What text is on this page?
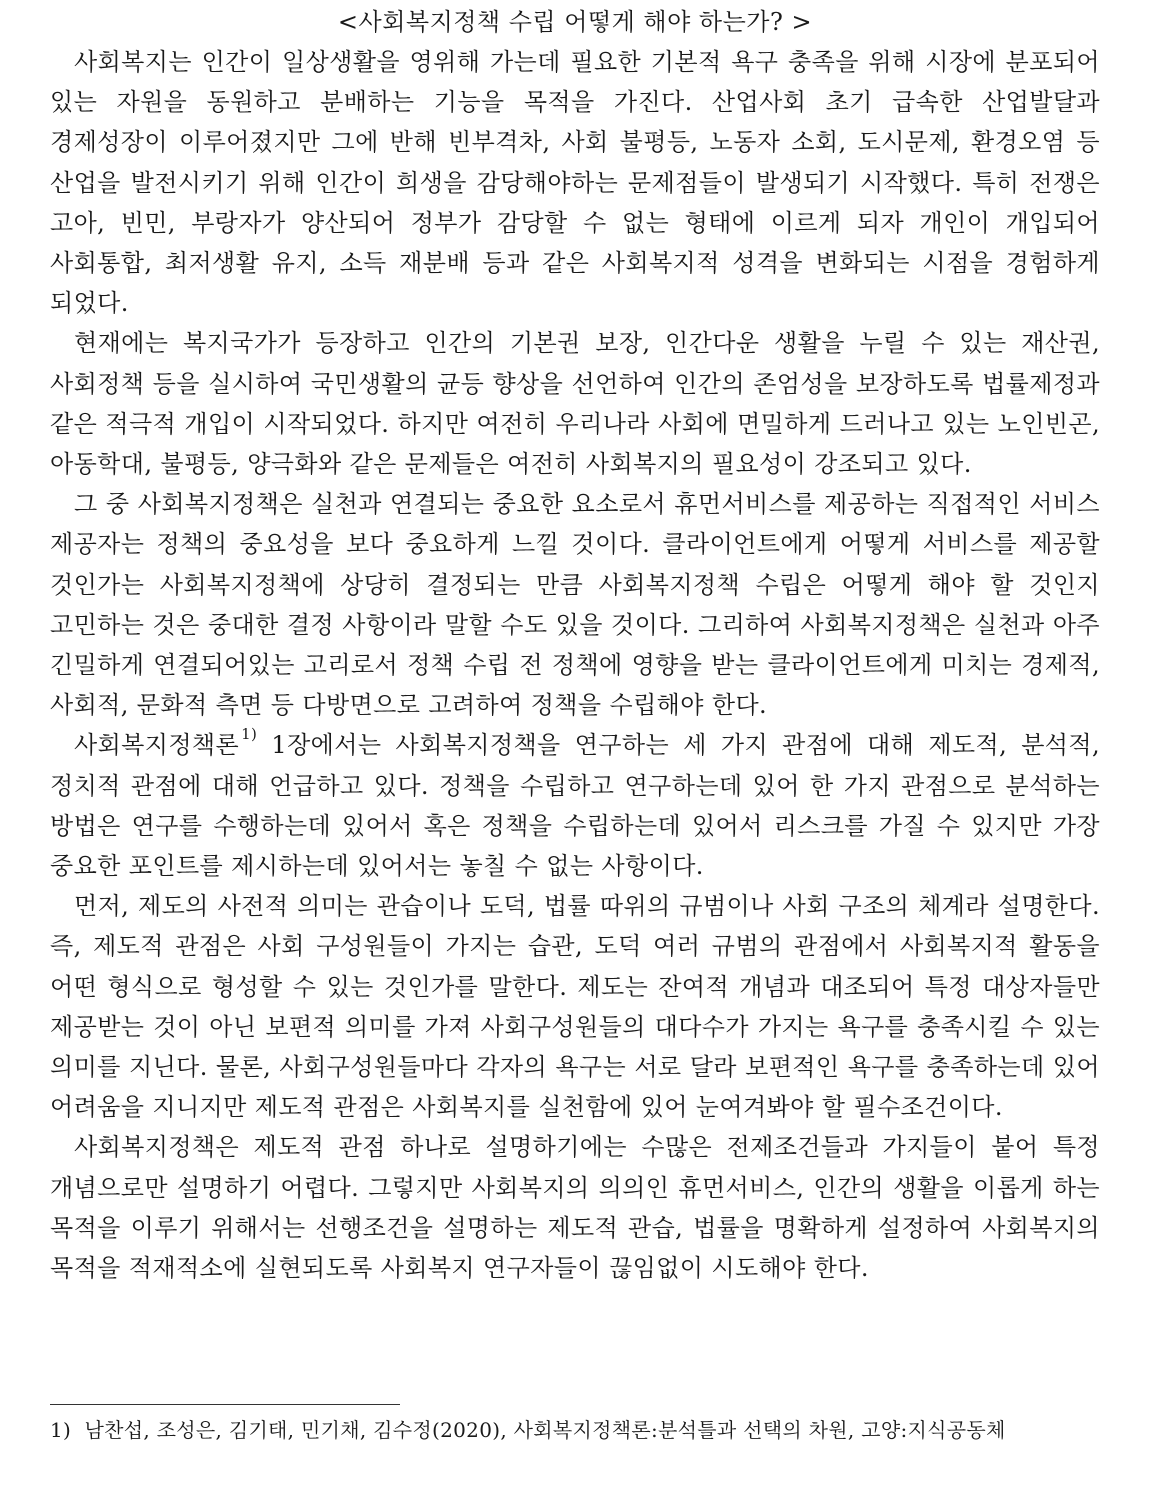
<사회복지정책 수립 어떻게 해야 하는가? >

사회복지는 인간이 일상생활을 영위해 가는데 필요한 기본적 욕구 충족을 위해 시장에 분포되어 있는 자원을 동원하고 분배하는 기능을 목적을 가진다. 산업사회 초기 급속한 산업발달과 경제성장이 이루어졌지만 그에 반해 빈부격차, 사회 불평등, 노동자 소회, 도시문제, 환경오염 등 산업을 발전시키기 위해 인간이 희생을 감당해야하는 문제점들이 발생되기 시작했다. 특히 전쟁은 고아, 빈민, 부랑자가 양산되어 정부가 감당할 수 없는 형태에 이르게 되자 개인이 개입되어 사회통합, 최저생활 유지, 소득 재분배 등과 같은 사회복지적 성격을 변화되는 시점을 경험하게 되었다.

현재에는 복지국가가 등장하고 인간의 기본권 보장, 인간다운 생활을 누릴 수 있는 재산권, 사회정책 등을 실시하여 국민생활의 균등 향상을 선언하여 인간의 존엄성을 보장하도록 법률제정과 같은 적극적 개입이 시작되었다. 하지만 여전히 우리나라 사회에 면밀하게 드러나고 있는 노인빈곤, 아동학대, 불평등, 양극화와 같은 문제들은 여전히 사회복지의 필요성이 강조되고 있다.

그 중 사회복지정책은 실천과 연결되는 중요한 요소로서 휴먼서비스를 제공하는 직접적인 서비스 제공자는 정책의 중요성을 보다 중요하게 느낄 것이다. 클라이언트에게 어떻게 서비스를 제공할 것인가는 사회복지정책에 상당히 결정되는 만큼 사회복지정책 수립은 어떻게 해야 할 것인지 고민하는 것은 중대한 결정 사항이라 말할 수도 있을 것이다. 그리하여 사회복지정책은 실천과 아주 긴밀하게 연결되어있는 고리로서 정책 수립 전 정책에 영향을 받는 클라이언트에게 미치는 경제적, 사회적, 문화적 측면 등 다방면으로 고려하여 정책을 수립해야 한다.

사회복지정책론 $^{1)}$ 1장에서는 사회복지정책을 연구하는 세 가지 관점에 대해 제도적, 분석적, 정치적 관점에 대해 언급하고 있다. 정책을 수립하고 연구하는데 있어 한 가지 관점으로 분석하는 방법은 연구를 수행하는데 있어서 혹은 정책을 수립하는데 있어서 리스크를 가질 수 있지만 가장 중요한 포인트를 제시하는데 있어서는 놓칠 수 없는 사항이다.

먼저, 제도의 사전적 의미는 관습이나 도덕, 법률 따위의 규범이나 사회 구조의 체계라 설명한다. 즉, 제도적 관점은 사회 구성원들이 가지는 습관, 도덕 여러 규범의 관점에서 사회복지적 활동을 어떤 형식으로 형성할 수 있는 것인가를 말한다. 제도는 잔여적 개념과 대조되어 특정 대상자들만 제공받는 것이 아닌 보편적 의미를 가져 사회구성원들의 대다수가 가지는 욕구를 충족시킬 수 있는 의미를 지닌다. 물론, 사회구성원들마다 각자의 욕구는 서로 달라 보편적인 욕구를 충족하는데 있어 어려움을 지니지만 제도적 관점은 사회복지를 실천함에 있어 눈여겨봐야 할 필수조건이다.

사회복지정책은 제도적 관점 하나로 설명하기에는 수많은 전제조건들과 가지들이 붙어 특정 개념으로만 설명하기 어렵다. 그렇지만 사회복지의 의의인 휴먼서비스, 인간의 생활을 이롭게 하는 목적을 이루기 위해서는 선행조건을 설명하는 제도적 관습, 법률을 명확하게 설정하여 사회복지의 목적을 적재적소에 실현되도록 사회복지 연구자들이 끊임없이 시도해야 한다.

1) 남찬섭, 조성은, 김기태, 민기채, 김수정(2020), 사회복지정책론:분석틀과 선택의 차원, 고양:지식공동체
